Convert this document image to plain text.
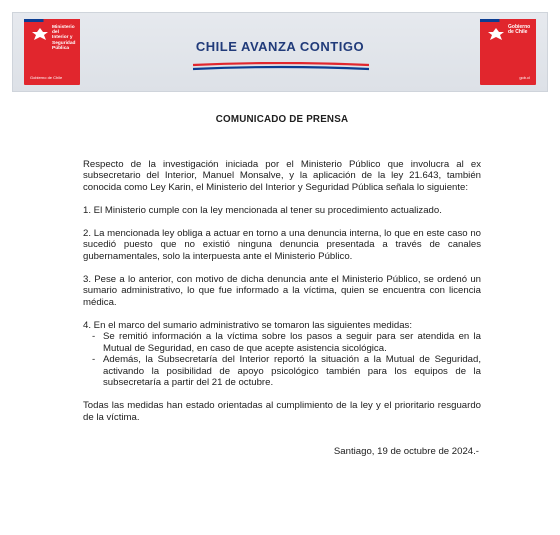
Ministerio del
Interior y
Seguridad
Pública
Gobierno de Chile
CHILE AVANZA CONTIGO
Gobierno
de Chile
gob.cl

COMUNICADO DE PRENSA

Respecto de la investigación iniciada por el Ministerio Público que involucra al ex subsecretario del Interior, Manuel Monsalve, y la aplicación de la ley 21.643, también conocida como Ley Karin, el Ministerio del Interior y Seguridad Pública señala lo siguiente:

1. El Ministerio cumple con la ley mencionada al tener su procedimiento actualizado.

2. La mencionada ley obliga a actuar en torno a una denuncia interna, lo que en este caso no sucedió puesto que no existió ninguna denuncia presentada a través de canales gubernamentales, solo la interpuesta ante el Ministerio Público.

3. Pese a lo anterior, con motivo de dicha denuncia ante el Ministerio Público, se ordenó un sumario administrativo, lo que fue informado a la víctima, quien se encuentra con licencia médica.

4. En el marco del sumario administrativo se tomaron las siguientes medidas:

- Se remitió información a la víctima sobre los pasos a seguir para ser atendida en la Mutual de Seguridad, en caso de que acepte asistencia sicológica.
- Además, la Subsecretaría del Interior reportó la situación a la Mutual de Seguridad, activando la posibilidad de apoyo psicológico también para los equipos de la subsecretaría a partir del 21 de octubre.

Todas las medidas han estado orientadas al cumplimiento de la ley y el prioritario resguardo de la víctima.

Santiago, 19 de octubre de 2024.-
